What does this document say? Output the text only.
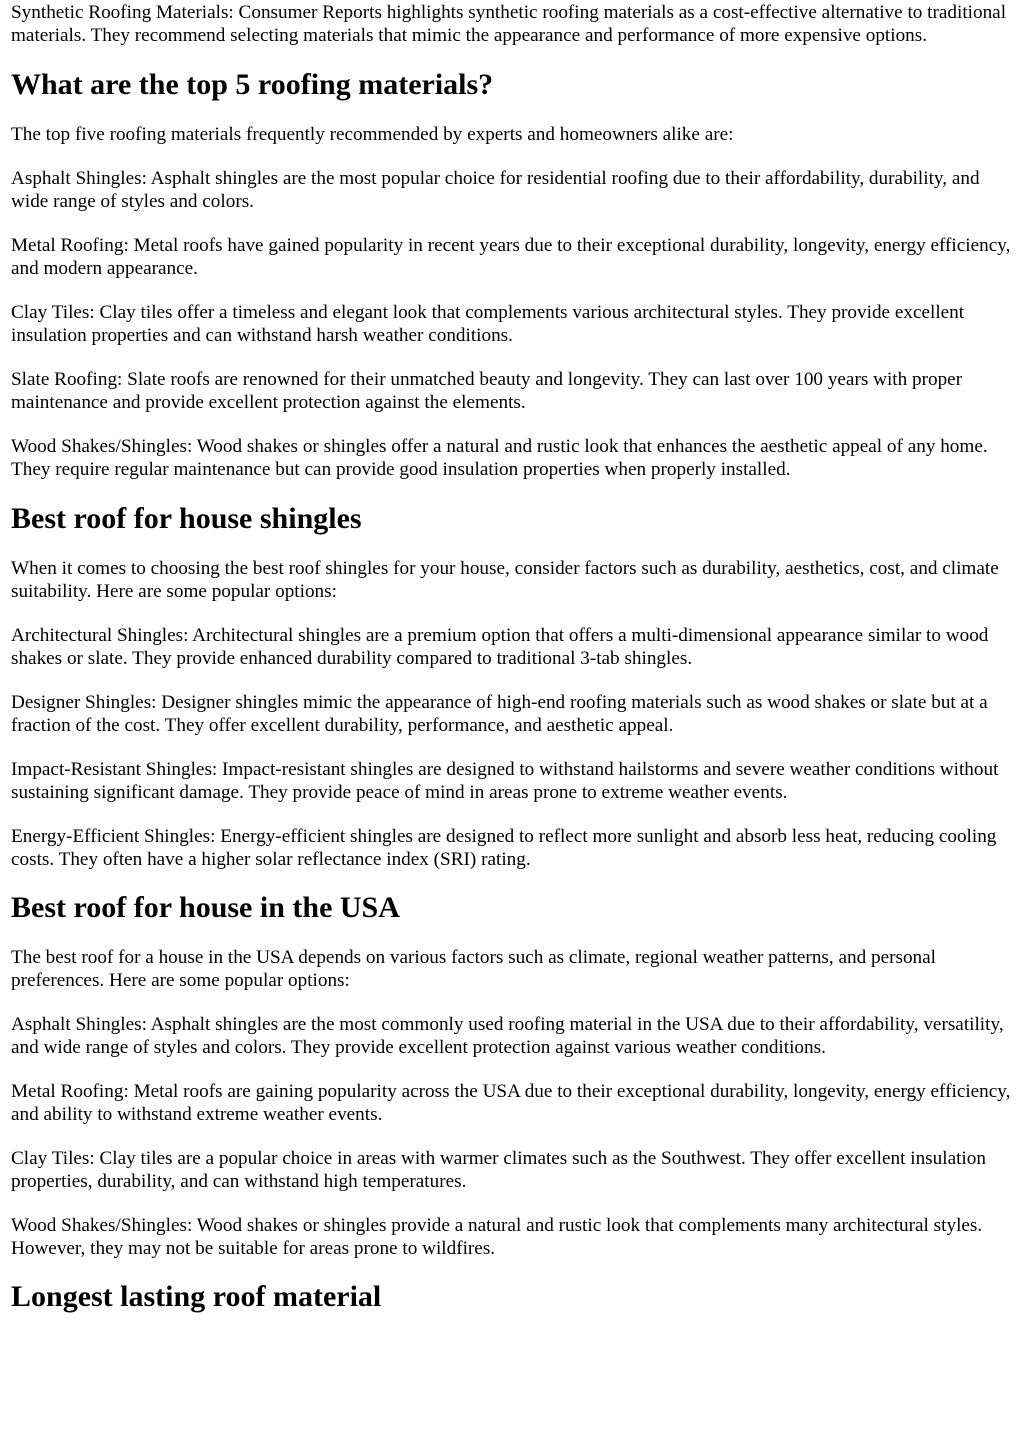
Synthetic Roofing Materials: Consumer Reports highlights synthetic roofing materials as a cost-effective alternative to traditional materials. They recommend selecting materials that mimic the appearance and performance of more expensive options.

What are the top 5 roofing materials?

The top five roofing materials frequently recommended by experts and homeowners alike are:

Asphalt Shingles: Asphalt shingles are the most popular choice for residential roofing due to their affordability, durability, and wide range of styles and colors.

Metal Roofing: Metal roofs have gained popularity in recent years due to their exceptional durability, longevity, energy efficiency, and modern appearance.

Clay Tiles: Clay tiles offer a timeless and elegant look that complements various architectural styles. They provide excellent insulation properties and can withstand harsh weather conditions.

Slate Roofing: Slate roofs are renowned for their unmatched beauty and longevity. They can last over 100 years with proper maintenance and provide excellent protection against the elements.

Wood Shakes/Shingles: Wood shakes or shingles offer a natural and rustic look that enhances the aesthetic appeal of any home. They require regular maintenance but can provide good insulation properties when properly installed.

Best roof for house shingles

When it comes to choosing the best roof shingles for your house, consider factors such as durability, aesthetics, cost, and climate suitability. Here are some popular options:

Architectural Shingles: Architectural shingles are a premium option that offers a multi-dimensional appearance similar to wood shakes or slate. They provide enhanced durability compared to traditional 3-tab shingles.

Designer Shingles: Designer shingles mimic the appearance of high-end roofing materials such as wood shakes or slate but at a fraction of the cost. They offer excellent durability, performance, and aesthetic appeal.

Impact-Resistant Shingles: Impact-resistant shingles are designed to withstand hailstorms and severe weather conditions without sustaining significant damage. They provide peace of mind in areas prone to extreme weather events.

Energy-Efficient Shingles: Energy-efficient shingles are designed to reflect more sunlight and absorb less heat, reducing cooling costs. They often have a higher solar reflectance index (SRI) rating.

Best roof for house in the USA

The best roof for a house in the USA depends on various factors such as climate, regional weather patterns, and personal preferences. Here are some popular options:

Asphalt Shingles: Asphalt shingles are the most commonly used roofing material in the USA due to their affordability, versatility, and wide range of styles and colors. They provide excellent protection against various weather conditions.

Metal Roofing: Metal roofs are gaining popularity across the USA due to their exceptional durability, longevity, energy efficiency, and ability to withstand extreme weather events.

Clay Tiles: Clay tiles are a popular choice in areas with warmer climates such as the Southwest. They offer excellent insulation properties, durability, and can withstand high temperatures.

Wood Shakes/Shingles: Wood shakes or shingles provide a natural and rustic look that complements many architectural styles. However, they may not be suitable for areas prone to wildfires.

Longest lasting roof material
